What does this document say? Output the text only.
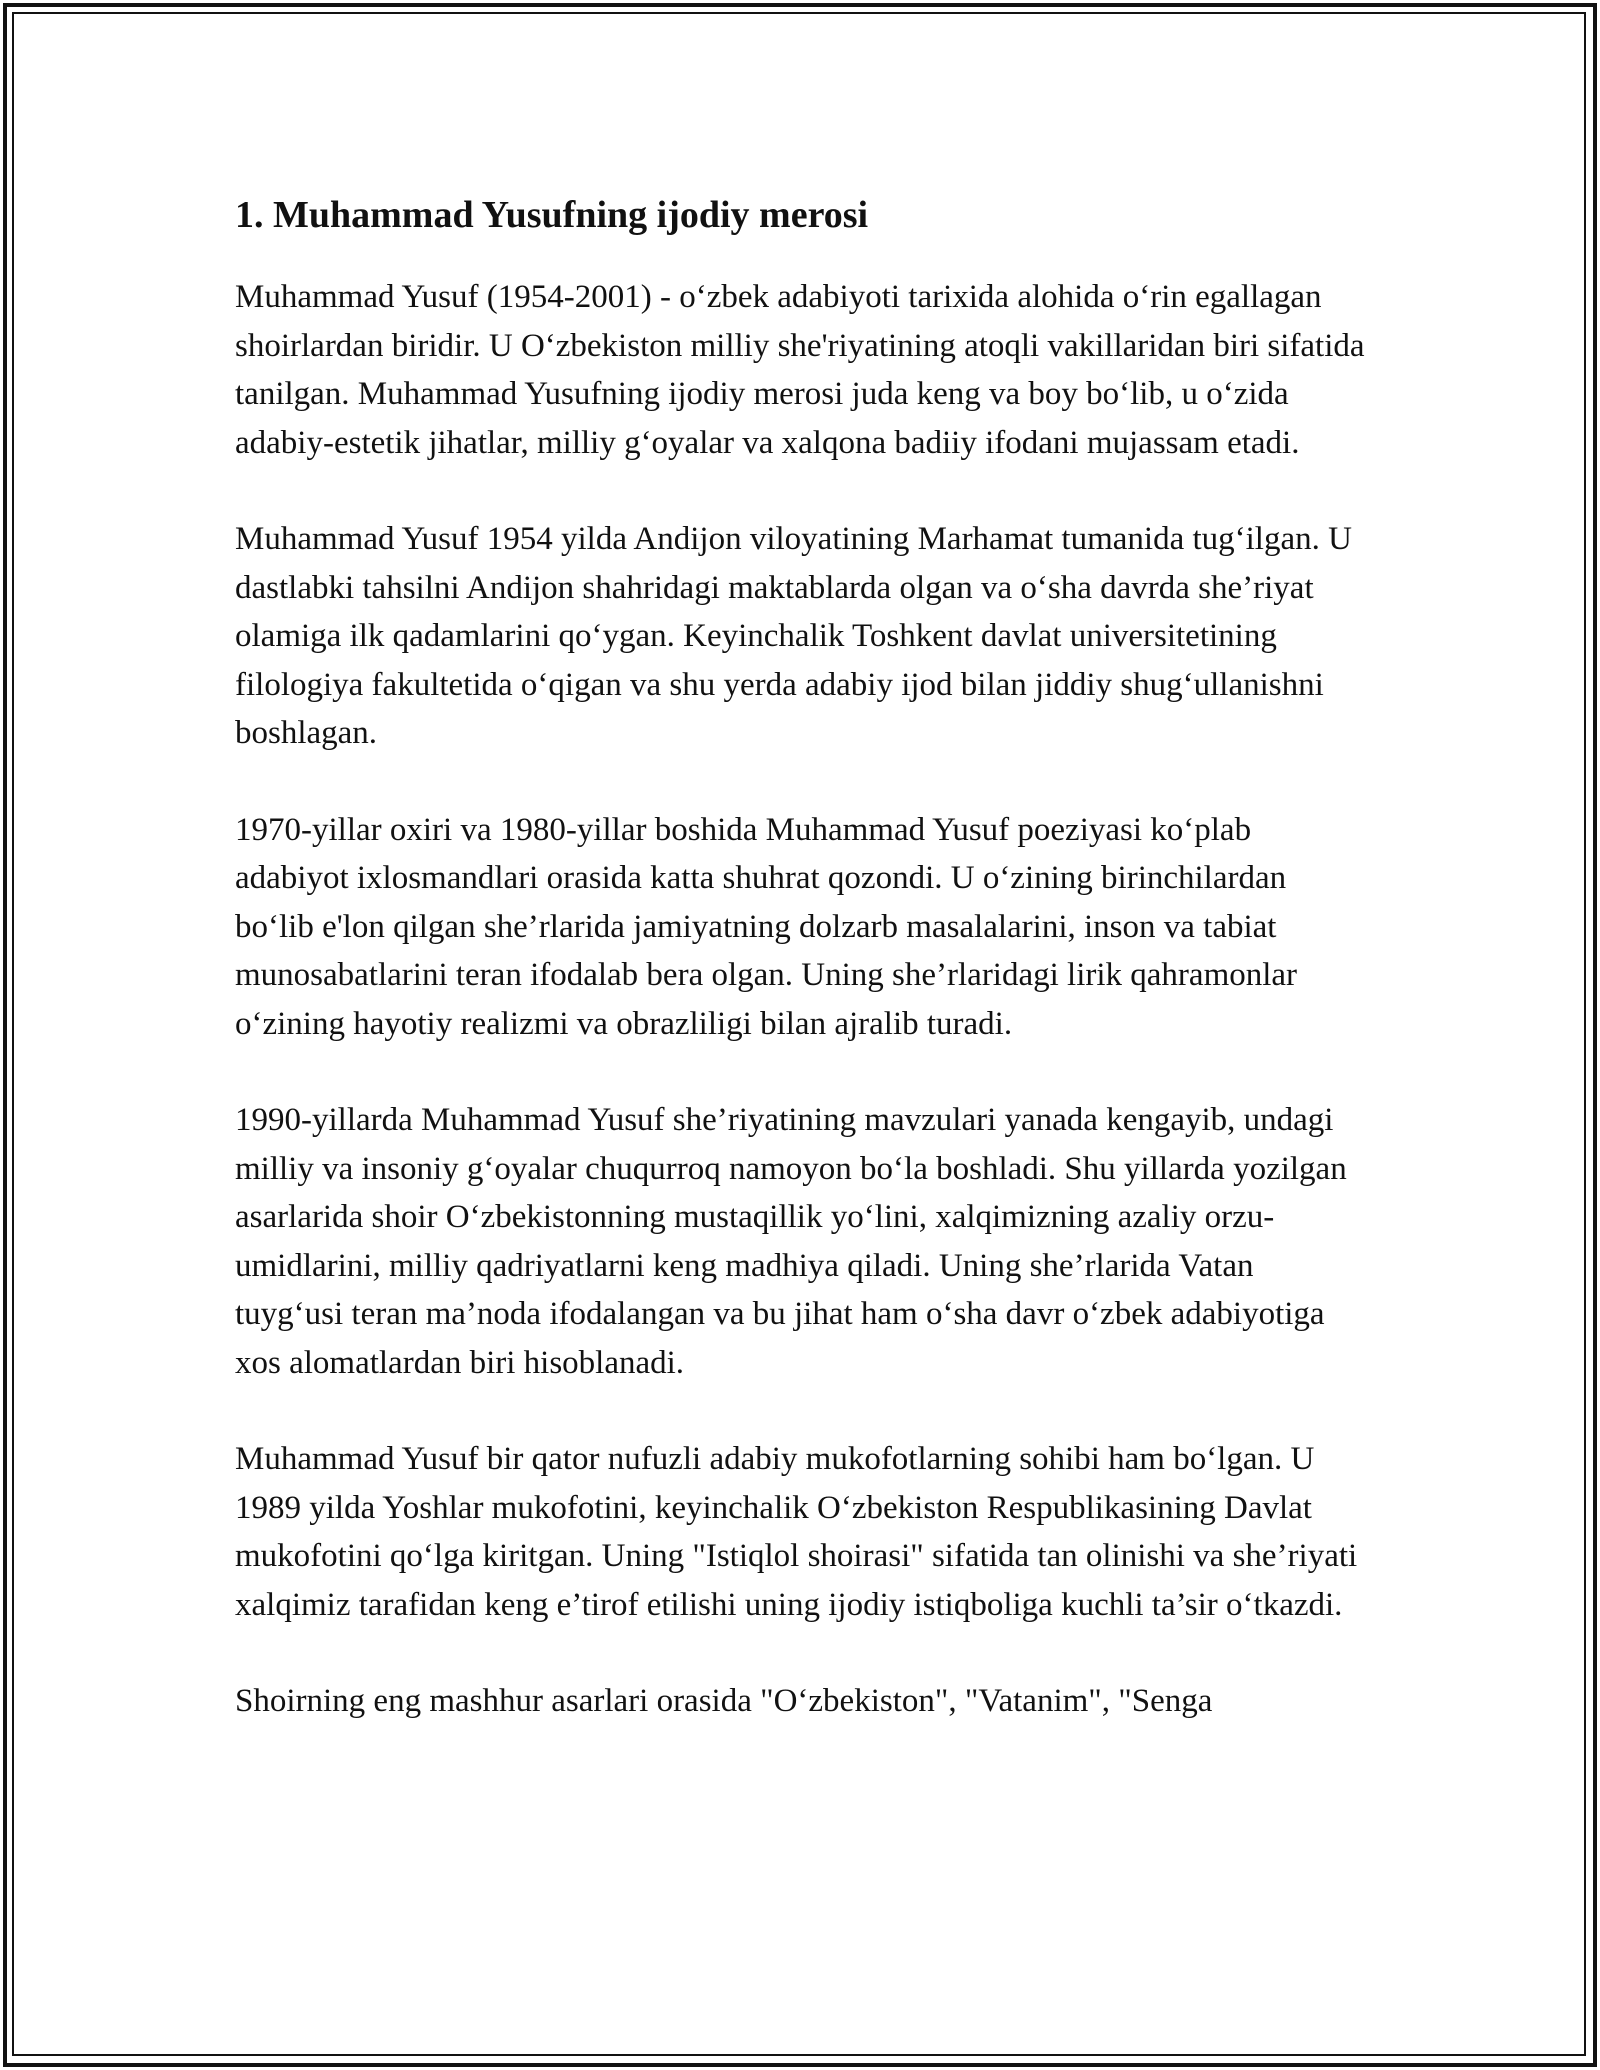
1. Muhammad Yusufning ijodiy merosi

Muhammad Yusuf (1954-2001) - oʻzbek adabiyoti tarixida alohida oʻrin egallagan shoirlardan biridir. U Oʻzbekiston milliy she'riyatining atoqli vakillaridan biri sifatida tanilgan. Muhammad Yusufning ijodiy merosi juda keng va boy boʻlib, u oʻzida adabiy-estetik jihatlar, milliy gʻoyalar va xalqona badiiy ifodani mujassam etadi.

Muhammad Yusuf 1954 yilda Andijon viloyatining Marhamat tumanida tugʻilgan. U dastlabki tahsilni Andijon shahridagi maktablarda olgan va oʻsha davrda she’riyat olamiga ilk qadamlarini qoʻygan. Keyinchalik Toshkent davlat universitetining filologiya fakultetida oʻqigan va shu yerda adabiy ijod bilan jiddiy shugʻullanishni boshlagan.

1970-yillar oxiri va 1980-yillar boshida Muhammad Yusuf poeziyasi koʻplab adabiyot ixlosmandlari orasida katta shuhrat qozondi. U oʻzining birinchilardan boʻlib e'lon qilgan she’rlarida jamiyatning dolzarb masalalarini, inson va tabiat munosabatlarini teran ifodalab bera olgan. Uning she’rlaridagi lirik qahramonlar oʻzining hayotiy realizmi va obrazliligi bilan ajralib turadi.

1990-yillarda Muhammad Yusuf she’riyatining mavzulari yanada kengayib, undagi milliy va insoniy gʻoyalar chuqurroq namoyon boʻla boshladi. Shu yillarda yozilgan asarlarida shoir Oʻzbekistonning mustaqillik yoʻlini, xalqimizning azaliy orzu-umidlarini, milliy qadriyatlarni keng madhiya qiladi. Uning she’rlarida Vatan tuygʻusi teran ma’noda ifodalangan va bu jihat ham oʻsha davr oʻzbek adabiyotiga xos alomatlardan biri hisoblanadi.

Muhammad Yusuf bir qator nufuzli adabiy mukofotlarning sohibi ham boʻlgan. U 1989 yilda Yoshlar mukofotini, keyinchalik Oʻzbekiston Respublikasining Davlat mukofotini qoʻlga kiritgan. Uning "Istiqlol shoirasi" sifatida tan olinishi va she’riyati xalqimiz tarafidan keng e’tirof etilishi uning ijodiy istiqboliga kuchli ta’sir oʻtkazdi.

Shoirning eng mashhur asarlari orasida "Oʻzbekiston", "Vatanim", "Senga
